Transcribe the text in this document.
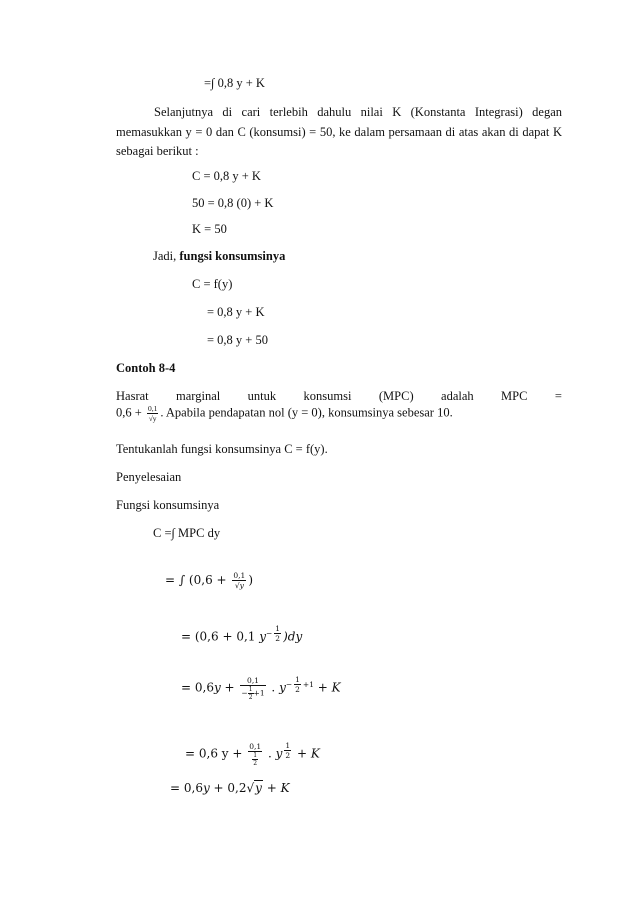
=∫ 0,8 y + K
Selanjutnya di cari terlebih dahulu nilai K (Konstanta Integrasi) degan memasukkan y = 0 dan C (konsumsi) = 50, ke dalam persamaan di atas akan di dapat K sebagai berikut :
C = 0,8 y + K
50 = 0,8 (0) + K
K = 50
Jadi, fungsi konsumsinya
C = f(y)
= 0,8 y + K
= 0,8 y + 50
Contoh 8-4
Hasrat marginal untuk konsumsi (MPC) adalah MPC =
$0,6 + \frac{0,1}{√y}$ . Apabila pendapatan nol (y = 0), konsumsinya sebesar 10.
Tentukanlah fungsi konsumsinya C = f(y).
Penyelesaian
Fungsi konsumsinya
C =∫ MPC dy
= ∫ ($0,6 + \frac{0,1}{√y}$ )
= (0,6 + 0,1 $y^{- \frac{1}{2}}$ )dy
= $0,6y + \frac{0,1}{- \frac{1}{2} +1}$ . $y^{- \frac{1}{2} +1} + K$
= 0,6 $y + \frac{0,1}{\frac{1}{2}}$ . y $^{\frac{1}{2}}$ + K
= 0,6y + 0,2√y + K
